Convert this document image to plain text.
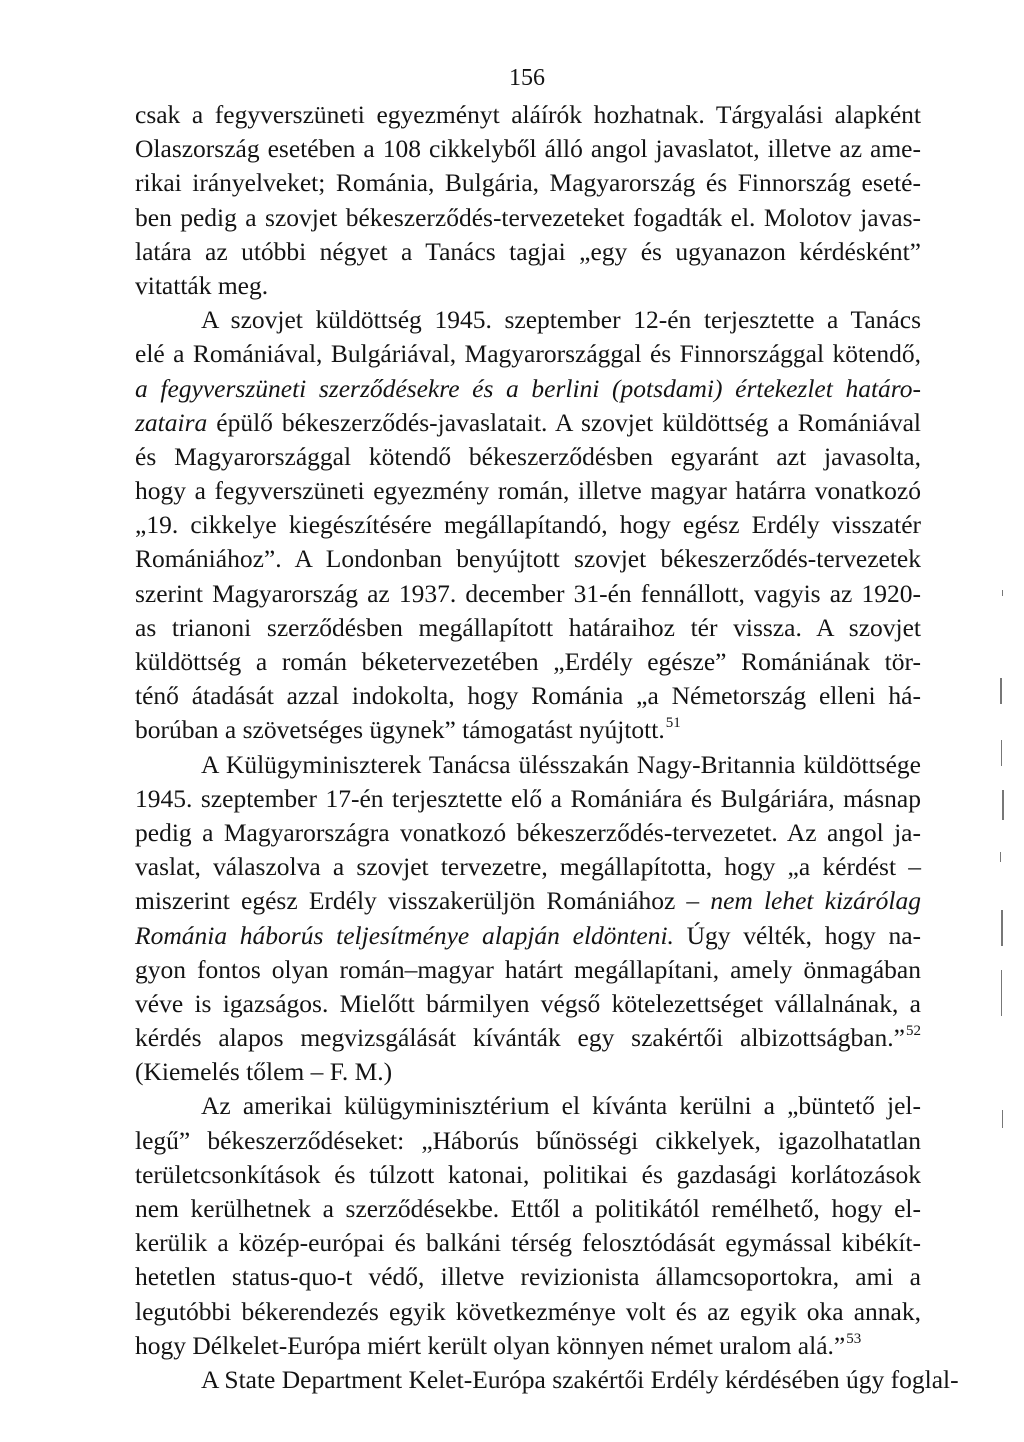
156
csak a fegyverszüneti egyezményt aláírók hozhatnak. Tárgyalási alapként
Olaszország esetében a 108 cikkelyből álló angol javaslatot, illetve az ame-
rikai irányelveket; Románia, Bulgária, Magyarország és Finnország eseté-
ben pedig a szovjet békeszerződés-tervezeteket fogadták el. Molotov javas-
latára az utóbbi négyet a Tanács tagjai „egy és ugyanazon kérdésként”
vitatták meg.
A szovjet küldöttség 1945. szeptember 12-én terjesztette a Tanács
elé a Romániával, Bulgáriával, Magyarországgal és Finnországgal kötendő,
a fegyverszüneti szerződésekre és a berlini (potsdami) értekezlet határo-
zataira épülő békeszerződés-javaslatait. A szovjet küldöttség a Romániával
és Magyarországgal kötendő békeszerződésben egyaránt azt javasolta,
hogy a fegyverszüneti egyezmény román, illetve magyar határra vonatkozó
„19. cikkelye kiegészítésére megállapítandó, hogy egész Erdély visszatér
Romániához”. A Londonban benyújtott szovjet békeszerződés-tervezetek
szerint Magyarország az 1937. december 31-én fennállott, vagyis az 1920-
as trianoni szerződésben megállapított határaihoz tér vissza. A szovjet
küldöttség a román béketervezetében „Erdély egésze” Romániának tör-
ténő átadását azzal indokolta, hogy Románia „a Németország elleni há-
borúban a szövetséges ügynek” támogatást nyújtott.$^{51}$
A Külügyminiszterek Tanácsa ülésszakán Nagy-Britannia küldöttsége
1945. szeptember 17-én terjesztette elő a Romániára és Bulgáriára, másnap
pedig a Magyarországra vonatkozó békeszerződés-tervezetet. Az angol ja-
vaslat, válaszolva a szovjet tervezetre, megállapította, hogy „a kérdést –
miszerint egész Erdély visszakerüljön Romániához – nem lehet kizárólag
Románia háborús teljesítménye alapján eldönteni. Úgy vélték, hogy na-
gyon fontos olyan román–magyar határt megállapítani, amely önmagában
véve is igazságos. Mielőtt bármilyen végső kötelezettséget vállalnának, a
kérdés alapos megvizsgálását kívánták egy szakértői albizottságban.”$^{52}$
(Kiemelés tőlem – F. M.)
Az amerikai külügyminisztérium el kívánta kerülni a „büntető jel-
legű” békeszerződéseket: „Háborús bűnösségi cikkelyek, igazolhatatlan
területcsonkítások és túlzott katonai, politikai és gazdasági korlátozások
nem kerülhetnek a szerződésekbe. Ettől a politikától remélhető, hogy el-
kerülik a közép-európai és balkáni térség felosztódását egymással kibékít-
hetetlen status-quo-t védő, illetve revizionista államcsoportokra, ami a
legutóbbi békerendezés egyik következménye volt és az egyik oka annak,
hogy Délkelet-Európa miért került olyan könnyen német uralom alá.”$^{53}$
A State Department Kelet-Európa szakértői Erdély kérdésében úgy foglal-
